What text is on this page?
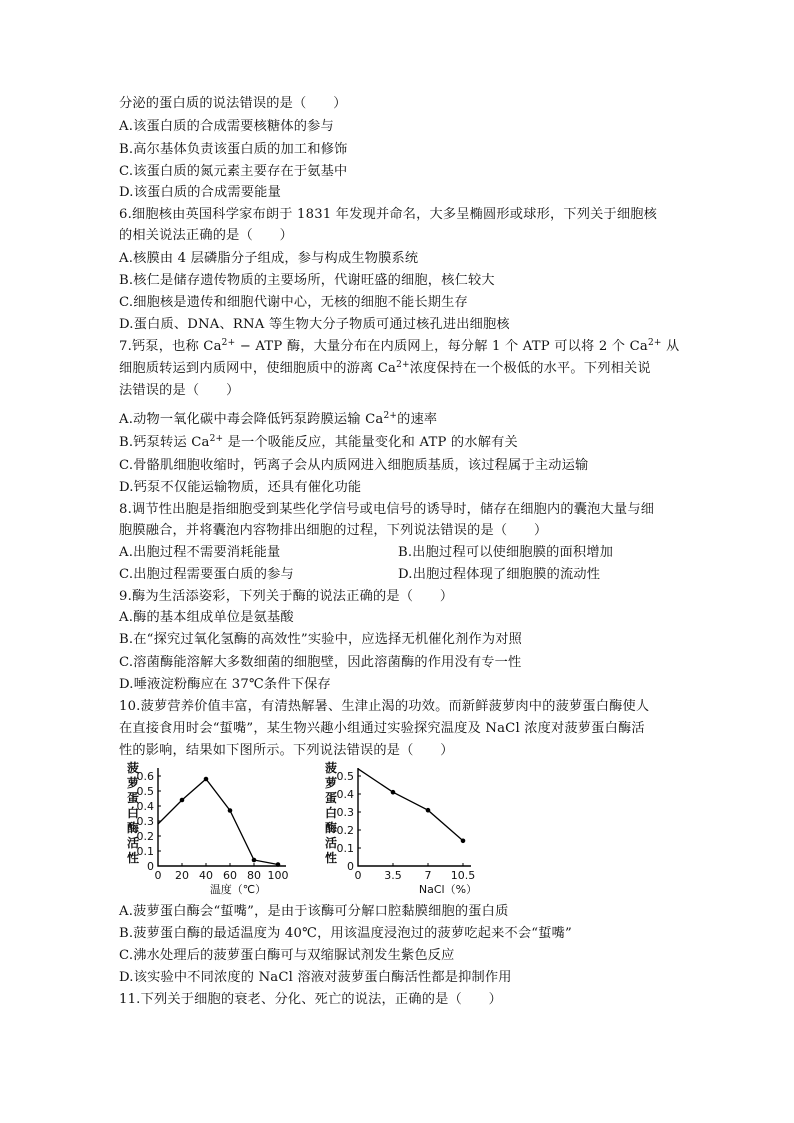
分泌的蛋白质的说法错误的是（　　）
A.该蛋白质的合成需要核糖体的参与
B.高尔基体负责该蛋白质的加工和修饰
C.该蛋白质的氮元素主要存在于氨基中
D.该蛋白质的合成需要能量
6.细胞核由英国科学家布朗于 1831 年发现并命名，大多呈椭圆形或球形，下列关于细胞核
的相关说法正确的是（　　）
A.核膜由 4 层磷脂分子组成，参与构成生物膜系统
B.核仁是储存遗传物质的主要场所，代谢旺盛的细胞，核仁较大
C.细胞核是遗传和细胞代谢中心，无核的细胞不能长期生存
D.蛋白质、DNA、RNA 等生物大分子物质可通过核孔进出细胞核
7.钙泵，也称 $Ca^{2+}$ − ATP 酶，大量分布在内质网上，每分解 1 个 ATP 可以将 2 个 $Ca^{2+}$ 从
细胞质转运到内质网中，使细胞质中的游离 $Ca^{2+}$浓度保持在一个极低的水平。下列相关说
法错误的是（　　）
A.动物一氧化碳中毒会降低钙泵跨膜运输 $Ca^{2+}$的速率
B.钙泵转运 $Ca^{2+}$ 是一个吸能反应，其能量变化和 ATP 的水解有关
C.骨骼肌细胞收缩时，钙离子会从内质网进入细胞质基质，该过程属于主动运输
D.钙泵不仅能运输物质，还具有催化功能
8.调节性出胞是指细胞受到某些化学信号或电信号的诱导时，储存在细胞内的囊泡大量与细
胞膜融合，并将囊泡内容物排出细胞的过程，下列说法错误的是（　　）
A.出胞过程不需要消耗能量	B.出胞过程可以使细胞膜的面积增加
C.出胞过程需要蛋白质的参与	D.出胞过程体现了细胞膜的流动性
9.酶为生活添姿彩，下列关于酶的说法正确的是（　　）
A.酶的基本组成单位是氨基酸
B.在“探究过氧化氢酶的高效性”实验中，应选择无机催化剂作为对照
C.溶菌酶能溶解大多数细菌的细胞壁，因此溶菌酶的作用没有专一性
D.唾液淀粉酶应在 37℃条件下保存
10.菠萝营养价值丰富，有清热解暑、生津止渴的功效。而新鲜菠萝肉中的菠萝蛋白酶使人
在直接食用时会“蜇嘴”，某生物兴趣小组通过实验探究温度及 NaCl 浓度对菠萝蛋白酶活
性的影响，结果如下图所示。下列说法错误的是（　　）
菠
萝
蛋
白
酶
活
性
0
0.1
0.2
0.3
0.4
0.5
0.6
0 20 40 60 80 100
温度（℃）
菠
萝
蛋
白
酶
活
性
0
0.1
0.2
0.3
0.4
0.5
0 3.5 7 10.5
NaCl（%）
A.菠萝蛋白酶会“蜇嘴”，是由于该酶可分解口腔黏膜细胞的蛋白质
B.菠萝蛋白酶的最适温度为 40℃，用该温度浸泡过的菠萝吃起来不会“蜇嘴”
C.沸水处理后的菠萝蛋白酶可与双缩脲试剂发生紫色反应
D.该实验中不同浓度的 NaCl 溶液对菠萝蛋白酶活性都是抑制作用
11.下列关于细胞的衰老、分化、死亡的说法，正确的是（　　）
